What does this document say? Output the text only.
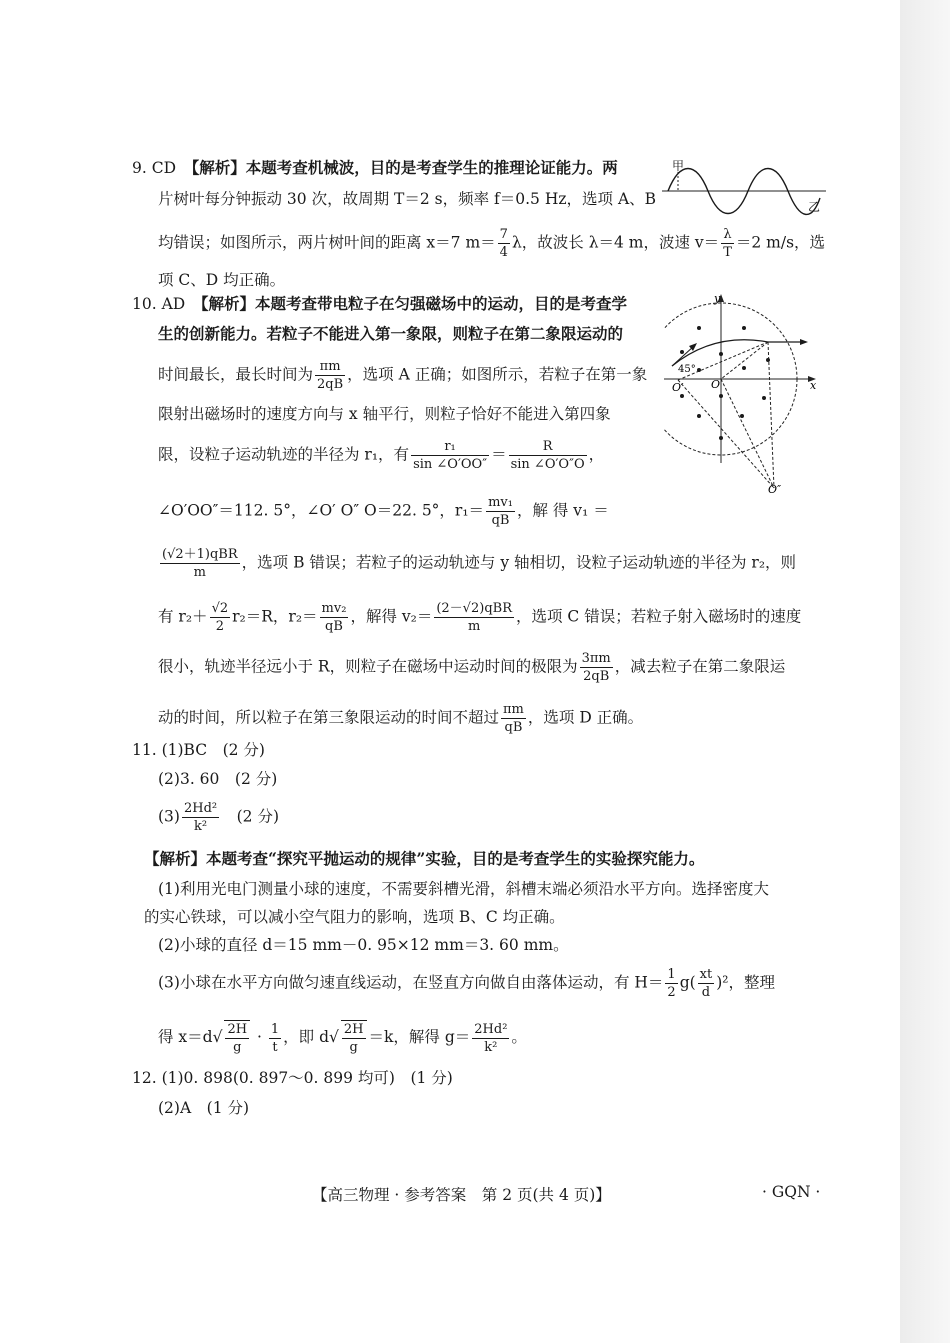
9. CD　 【解析】本题考查机械波，目的是考查学生的推理论证能力。两
片树叶每分钟振动 30 次，故周期 T＝2 s，频率 f＝0.5 Hz，选项 A、B
均错误；如图所示，两片树叶间的距离 x＝7 $m= \frac{7}{4}$ λ，故波长 λ＝4 m，波速 $v= \frac{\lambda}{T} =2$ m/s，选
项 C、D 均正确。
甲
乙
10. AD　 【解析】本题考查带电粒子在匀强磁场中的运动，目的是考查学
生的创新能力。若粒子不能进入第一象限，则粒子在第二象限运动的
时间最长，最长时间为 $\frac{\pi m}{2qB}$ ，选项 A 正确；如图所示，若粒子在第一象
限射出磁场时的速度方向与 x 轴平行，则粒子恰好不能进入第四象
限，设粒子运动轨迹的半径为 r₁，有 $\frac{\text{r₁}}{\sin \angle O'OO''} = \frac{R}{\sin \angle O'O''O}$ ，
∠O′OO″＝112. 5°，∠O′ O″ O＝22. 5°，$r_1= \frac{\text{mv₁}}{qB}$ ，解 得 v₁ ＝
(√2＋1)qBR
m
，选项 B 错误；若粒子的运动轨迹与 y 轴相切，设粒子运动轨迹的半径为 r₂，则
有 $r_2+ \frac{√2}{2} r_2=R$，$r_2= \frac{\text{mv₂}}{qB}$ ，解得 v₂＝ (2－√2)qBR
m
，选项 C 错误；若粒子射入磁场时的速度
很小，轨迹半径远小于 R，则粒子在磁场中运动时间的极限为 $\frac{3\pi m}{2qB}$ ，减去粒子在第二象限运
动的时间，所以粒子在第三象限运动的时间不超过 $\frac{\pi m}{qB}$ ，选项 D 正确。
y
x
O
O′
O″
45°
11. (1)BC　(2 分)
(2)3. 60　(2 分)
$(3) \frac{\text{2Hd²}}{\text{k²}}$ 　(2 分)
【解析】本题考查“探究平抛运动的规律”实验，目的是考查学生的实验探究能力。
(1)利用光电门测量小球的速度，不需要斜槽光滑，斜槽末端必须沿水平方向。选择密度大
的实心铁球，可以减小空气阻力的影响，选项 B、C 均正确。
(2)小球的直径 d＝15 mm－0. 95×12 mm＝3. 60 mm。
(3)小球在水平方向做匀速直线运动，在竖直方向做自由落体运动，有 $H= \frac{1}{2} g( \frac{xt}{d} )^2$，整理
得 $x=d√ \frac{2H}{g} \cdot \frac{1}{t}$ ，即 $d√ \frac{2H}{g} =k$，解得 $g= \frac{\text{2Hd²}}{\text{k²}}$ 。
12. (1)0. 898(0. 897～0. 899 均可)　(1 分)
(2)A　(1 分)
【高三物理 · 参考答案　第 2 页(共 4 页)】	· GQN ·
